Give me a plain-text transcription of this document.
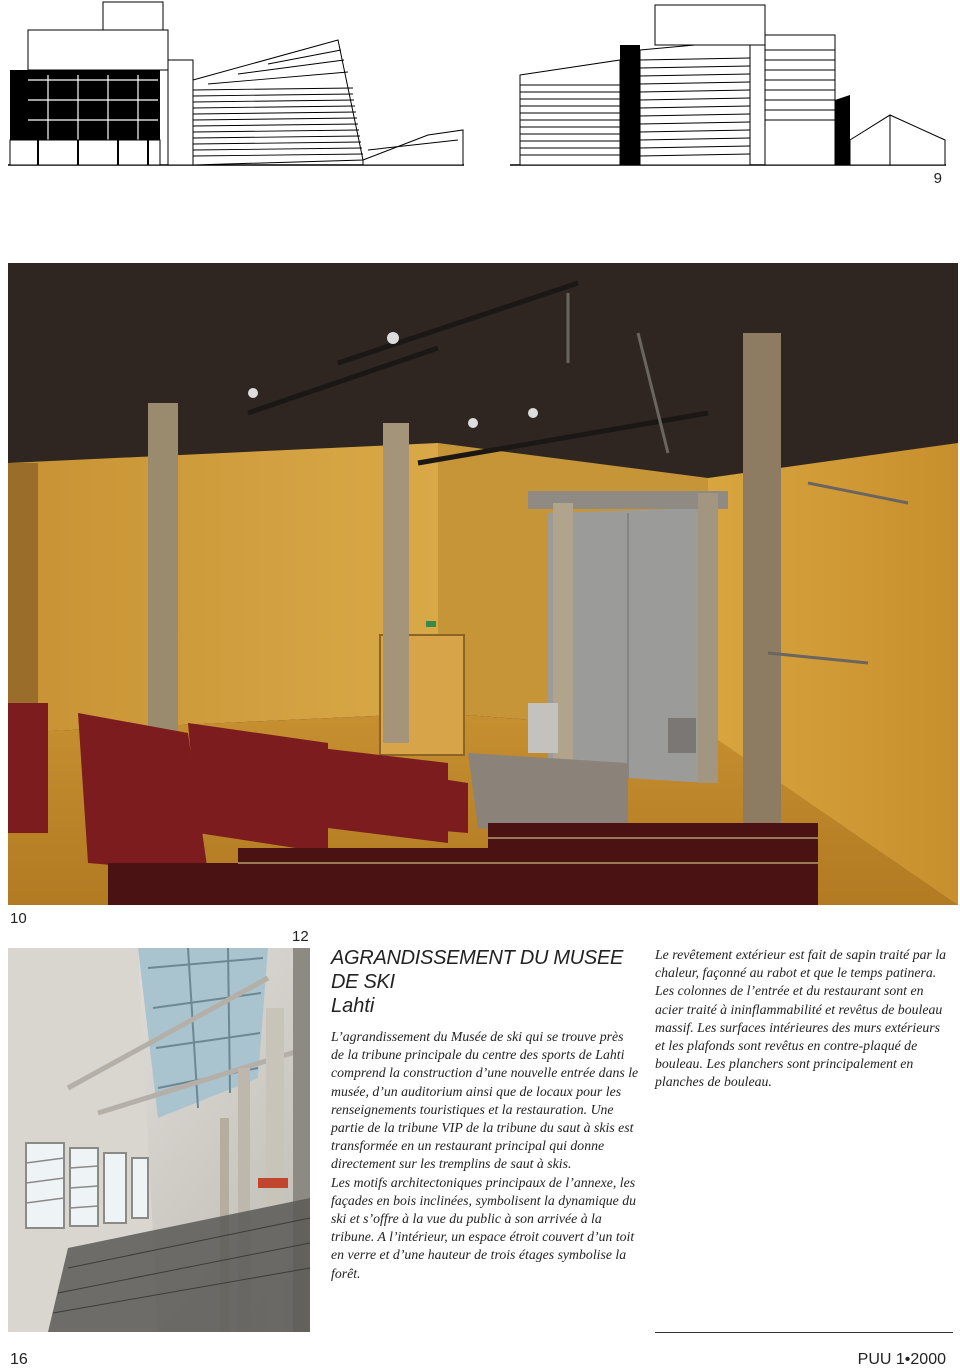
9
10
12
AGRANDISSEMENT DU MUSEE DE SKI
Lahti

L’agrandissement du Musée de ski qui se trouve près de la tribune principale du centre des sports de Lahti comprend la construction d’une nouvelle entrée dans le musée, d’un auditorium ainsi que de locaux pour les renseignements touristiques et la restauration. Une partie de la tribune VIP de la tribune du saut à skis est transformée en un restaurant principal qui donne directement sur les tremplins de saut à skis.

Les motifs architectoniques principaux de l’annexe, les façades en bois inclinées, symbolisent la dynamique du ski et s’offre à la vue du public à son arrivée à la tribune. A l’intérieur, un espace étroit couvert d’un toit en verre et d’une hauteur de trois étages symbolise la forêt.

Le revêtement extérieur est fait de sapin traité par la chaleur, façonné au rabot et que le temps patinera. Les colonnes de l’entrée et du restaurant sont en acier traité à ininflammabilité et revêtus de bouleau massif. Les surfaces intérieures des murs extérieurs et les plafonds sont revêtus en contre-plaqué de bouleau. Les planchers sont principalement en planches de bouleau.

16	PUU 1•2000
